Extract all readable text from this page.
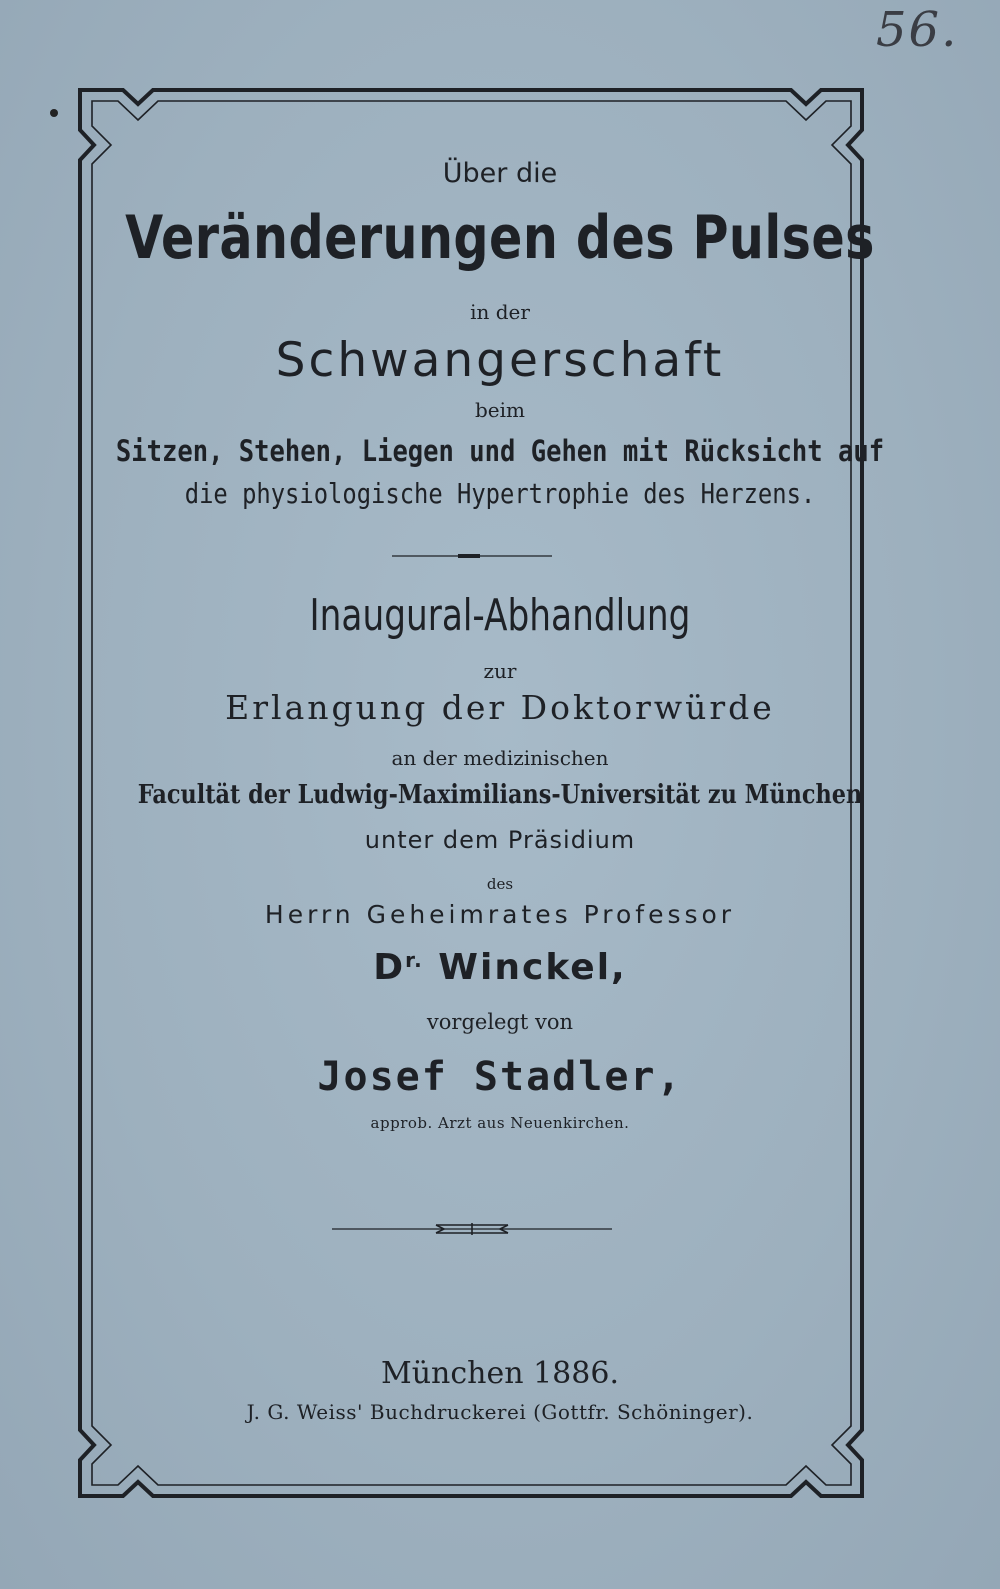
56.
Über die
Veränderungen des Pulses
in der
Schwangerschaft
beim
Sitzen, Stehen, Liegen und Gehen mit Rücksicht auf
die physiologische Hypertrophie des Herzens.
Inaugural-Abhandlung
zur
Erlangung der Doktorwürde
an der medizinischen
Facultät der Ludwig-Maximilians-Universität zu München
unter dem Präsidium
des
Herrn Geheimrates Professor
$D^{r.}$ Winckel,
vorgelegt von
Josef Stadler,
approb. Arzt aus Neuenkirchen.
München 1886.
J. G. Weiss' Buchdruckerei (Gottfr. Schöninger).
